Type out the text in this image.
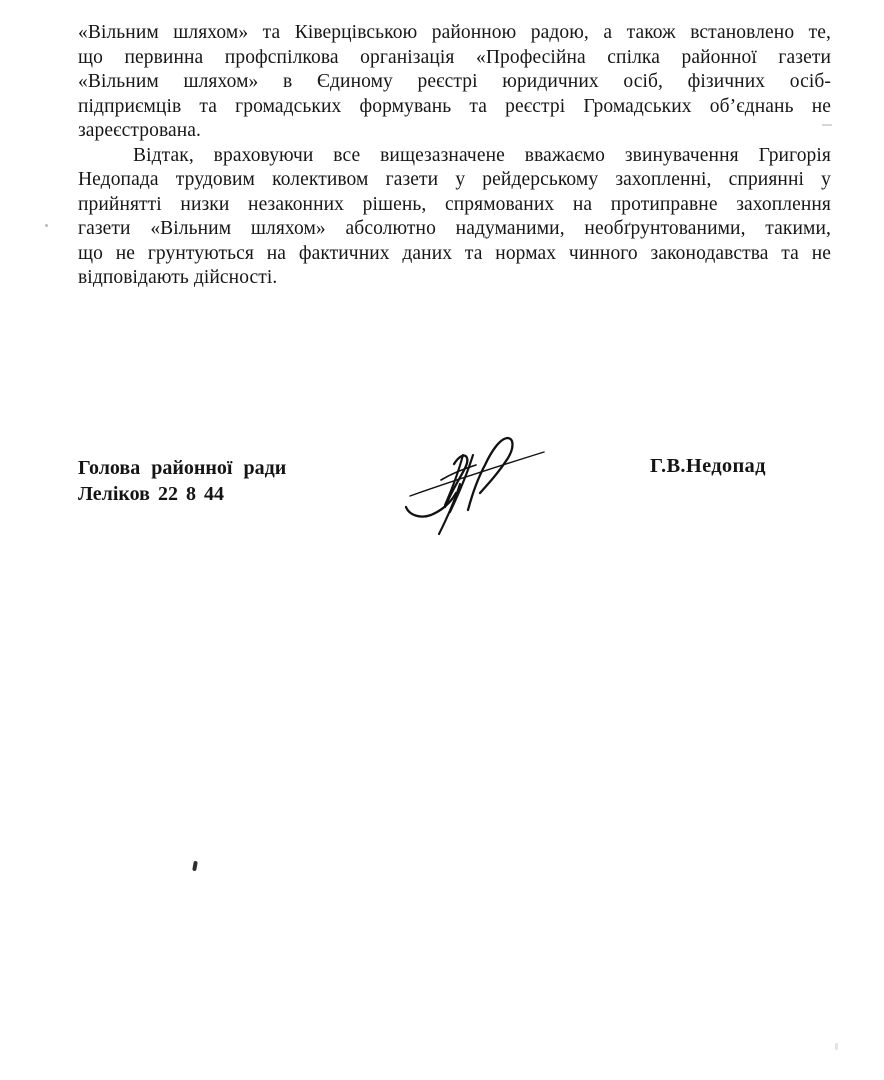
«Вільним шляхом» та Ківерцівською районною радою, а також встановлено те,
що первинна профспілкова організація «Професійна спілка районної газети
«Вільним шляхом» в Єдиному реєстрі юридичних осіб, фізичних осіб-
підприємців та громадських формувань та реєстрі Громадських об’єднань не
зареєстрована.
Відтак, враховуючи все вищезазначене вважаємо звинувачення Григорія
Недопада трудовим колективом газети у рейдерському захопленні, сприянні у
прийнятті низки незаконних рішень, спрямованих на протиправне захоплення
газети «Вільним шляхом» абсолютно надуманими, необґрунтованими, такими,
що не грунтуються на фактичних даних та нормах чинного законодавства та не
відповідають дійсності.
Голова районної ради
Леліков 22 8 44
Г.В.Недопад
